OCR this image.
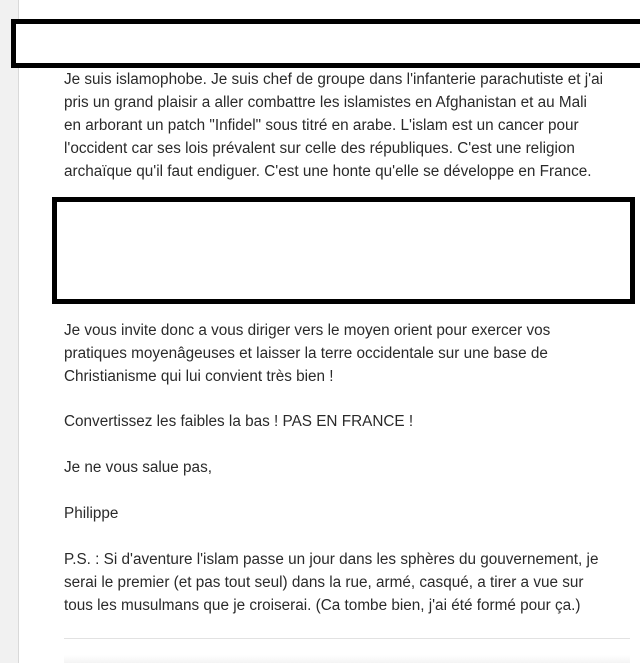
Je suis islamophobe. Je suis chef de groupe dans l'infanterie parachutiste et j'ai
pris un grand plaisir a aller combattre les islamistes en Afghanistan et au Mali
en arborant un patch "Infidel" sous titré en arabe. L'islam est un cancer pour
l'occident car ses lois prévalent sur celle des républiques. C'est une religion
archaïque qu'il faut endiguer. C'est une honte qu'elle se développe en France.

Je vous invite donc a vous diriger vers le moyen orient pour exercer vos
pratiques moyenâgeuses et laisser la terre occidentale sur une base de
Christianisme qui lui convient très bien !

Convertissez les faibles la bas ! PAS EN FRANCE !

Je ne vous salue pas,

Philippe

P.S. : Si d'aventure l'islam passe un jour dans les sphères du gouvernement, je
serai le premier (et pas tout seul) dans la rue, armé, casqué, a tirer a vue sur
tous les musulmans que je croiserai. (Ca tombe bien, j'ai été formé pour ça.)
